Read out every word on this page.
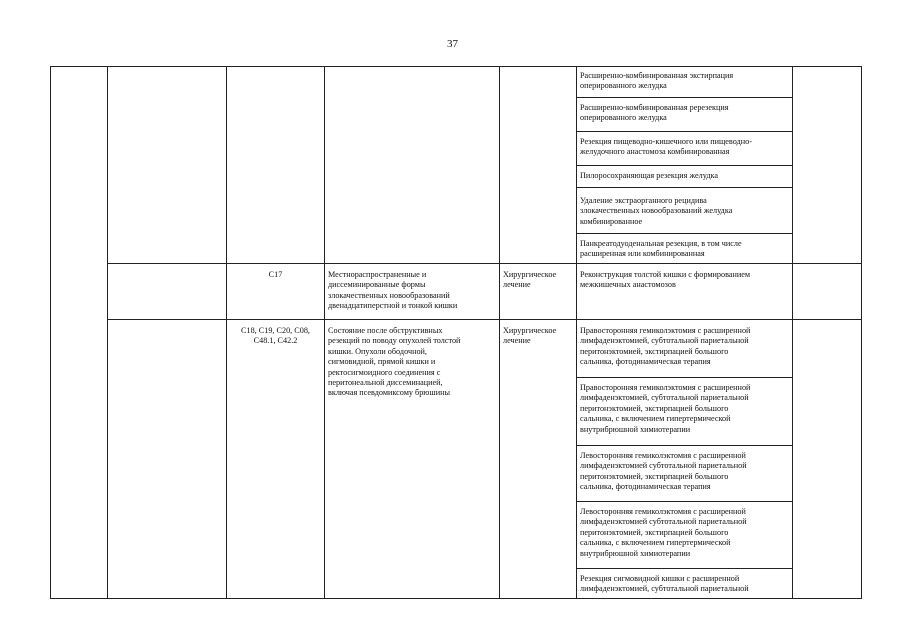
37
Расширенно-комбинированная экстирпация
оперированного желудка
Расширенно-комбинированная ререзекция
оперированного желудка
Резекция пищеводно-кишечного или пищеводно-
желудочного анастомоза комбинированная
Пилоросохраняющая резекция желудка
Удаление экстраорганного рецидива
злокачественных новообразований желудка
комбинированное
Панкреатодуоденальная резекция, в том числе
расширенная или комбинированная
C17	Местнораспространенные и
диссеминированные формы
злокачественных новообразований
двенадцатиперстной и тонкой кишки
Хирургическое
лечение
Реконструкция толстой кишки с формированием
межкишечных анастомозов
C18, C19, C20, C08,
C48.1, C42.2
Состояние после обструктивных
резекций по поводу опухолей толстой
кишки. Опухоли ободочной,
сигмовидной, прямой кишки и
ректосигмоидного соединения с
перитонеальной диссеминацией,
включая псевдомиксому брюшины
Хирургическое
лечение
Правосторонняя гемиколэктомия с расширенной
лимфаденэктомией, субтотальной париетальной
перитонэктомией, экстирпацией большого
сальника, фотодинамическая терапия
Правосторонняя гемиколэктомия с расширенной
лимфаденэктомией, субтотальной париетальной
перитонэктомией, экстирпацией большого
сальника, с включением гипертермической
внутрибрюшной химиотерапии
Левосторонняя гемиколэктомия с расширенной
лимфаденэктомией субтотальной париетальной
перитонэктомией, экстирпацией большого
сальника, фотодинамическая терапия
Левосторонняя гемиколэктомия с расширенной
лимфаденэктомией субтотальной париетальной
перитонэктомией, экстирпацией большого
сальника, с включением гипертермической
внутрибрюшной химиотерапии
Резекция сигмовидной кишки с расширенной
лимфаденэктомией, субтотальной париетальной
